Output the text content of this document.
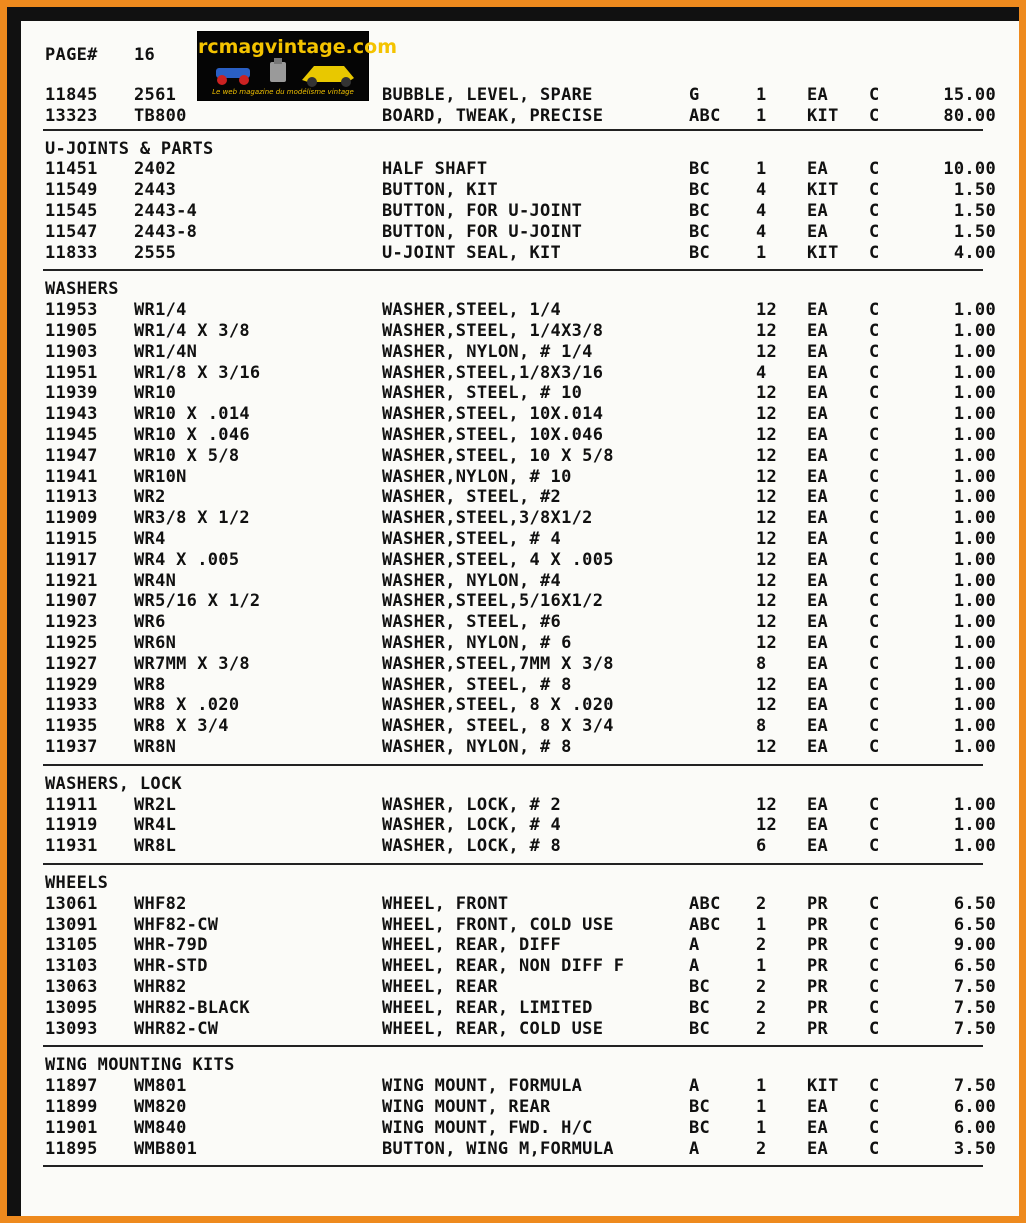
PAGE#

16

rcmagvintage.com
Le web magazine du modélisme vintage
11845 2561	BUBBLE, LEVEL, SPARE	G	1 EA C	15.00
13323 TB800	BOARD, TWEAK, PRECISE	ABC 1 KIT C	80.00
U-JOINTS & PARTS
11451 2402	HALF SHAFT	BC	1 EA C	10.00
11549 2443	BUTTON, KIT	BC	4 KIT C	1.50
11545 2443-4	BUTTON, FOR U-JOINT	BC	4 EA C	1.50
11547 2443-8	BUTTON, FOR U-JOINT	BC	4 EA C	1.50
11833 2555	U-JOINT SEAL, KIT	BC	1 KIT C	4.00
WASHERS
11953 WR1/4	WASHER,STEEL, 1/4	12 EA C	1.00
11905 WR1/4 X 3/8	WASHER,STEEL, 1/4X3/8	12 EA C	1.00
11903 WR1/4N	WASHER, NYLON, # 1/4	12 EA C	1.00
11951 WR1/8 X 3/16	WASHER,STEEL,1/8X3/16	4 EA C	1.00
11939 WR10	WASHER, STEEL, # 10	12 EA C	1.00
11943 WR10 X .014	WASHER,STEEL, 10X.014	12 EA C	1.00
11945 WR10 X .046	WASHER,STEEL, 10X.046	12 EA C	1.00
11947 WR10 X 5/8	WASHER,STEEL, 10 X 5/8	12 EA C	1.00
11941 WR10N	WASHER,NYLON, # 10	12 EA C	1.00
11913 WR2	WASHER, STEEL, #2	12 EA C	1.00
11909 WR3/8 X 1/2	WASHER,STEEL,3/8X1/2	12 EA C	1.00
11915 WR4	WASHER,STEEL, # 4	12 EA C	1.00
11917 WR4 X .005	WASHER,STEEL, 4 X .005	12 EA C	1.00
11921 WR4N	WASHER, NYLON, #4	12 EA C	1.00
11907 WR5/16 X 1/2	WASHER,STEEL,5/16X1/2	12 EA C	1.00
11923 WR6	WASHER, STEEL, #6	12 EA C	1.00
11925 WR6N	WASHER, NYLON, # 6	12 EA C	1.00
11927 WR7MM X 3/8	WASHER,STEEL,7MM X 3/8	8 EA C	1.00
11929 WR8	WASHER, STEEL, # 8	12 EA C	1.00
11933 WR8 X .020	WASHER,STEEL, 8 X .020	12 EA C	1.00
11935 WR8 X 3/4	WASHER, STEEL, 8 X 3/4	8 EA C	1.00
11937 WR8N	WASHER, NYLON, # 8	12 EA C	1.00
WASHERS, LOCK
11911 WR2L	WASHER, LOCK, # 2	12 EA C	1.00
11919 WR4L	WASHER, LOCK, # 4	12 EA C	1.00
11931 WR8L	WASHER, LOCK, # 8	6 EA C	1.00
WHEELS
13061 WHF82	WHEEL, FRONT	ABC 2 PR C	6.50
13091 WHF82-CW	WHEEL, FRONT, COLD USE	ABC 1 PR C	6.50
13105 WHR-79D	WHEEL, REAR, DIFF	A	2 PR C	9.00
13103 WHR-STD	WHEEL, REAR, NON DIFF F	A	1 PR C	6.50
13063 WHR82	WHEEL, REAR	BC	2 PR C	7.50
13095 WHR82-BLACK	WHEEL, REAR, LIMITED	BC	2 PR C	7.50
13093 WHR82-CW	WHEEL, REAR, COLD USE	BC	2 PR C	7.50
WING MOUNTING KITS
11897 WM801	WING MOUNT, FORMULA	A	1 KIT C	7.50
11899 WM820	WING MOUNT, REAR	BC	1 EA C	6.00
11901 WM840	WING MOUNT, FWD. H/C	BC	1 EA C	6.00
11895 WMB801	BUTTON, WING M,FORMULA	A	2 EA C	3.50
